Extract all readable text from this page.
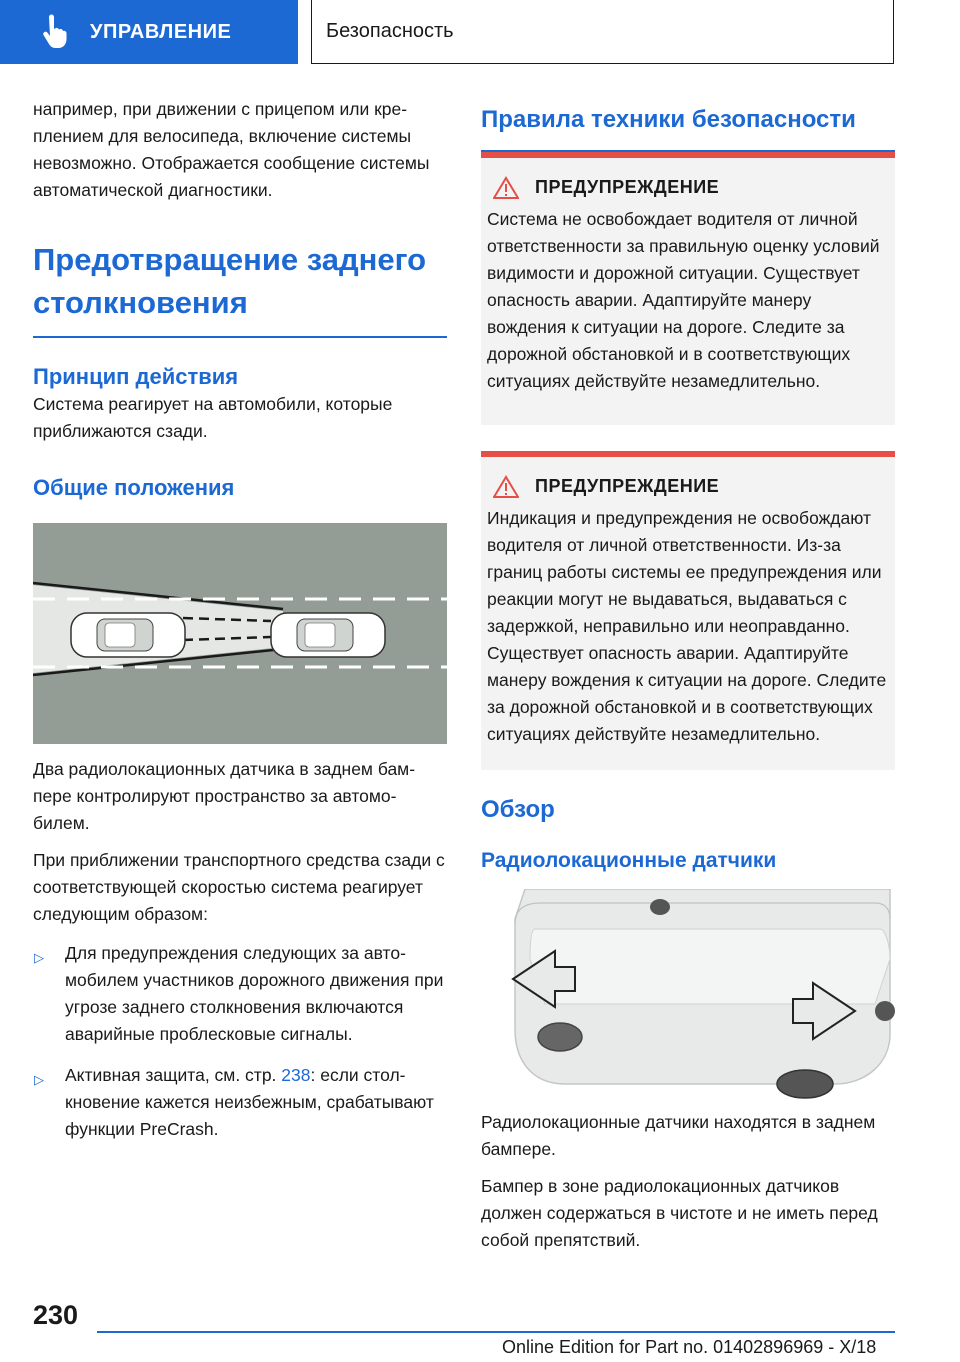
УПРАВЛЕНИЕ	Безопасность

например, при движении с прицепом или креплением для велосипеда, включение системы невозможно. Отображается сообщение системы автоматической диагностики.

Предотвращение заднего столкновения
Принцип действия

Система реагирует на автомобили, которые приближаются сзади.

Общие положения

Два радиолокационных датчика в заднем бампере контролируют пространство за автомобилем.

При приближении транспортного средства сзади с соответствующей скоростью система реагирует следующим образом:

▷ Для предупреждения следующих за автомобилем участников дорожного движения при угрозе заднего столкновения включаются аварийные проблесковые сигналы.
▷ Активная защита, см. стр. 238: если столкновение кажется неизбежным, срабатывают функции PreCrash.
Правила техники безопасности
ПРЕДУПРЕЖДЕНИЕ

Система не освобождает водителя от личной ответственности за правильную оценку условий видимости и дорожной ситуации. Существует опасность аварии. Адаптируйте манеру вождения к ситуации на дороге. Следите за дорожной обстановкой и в соответствующих ситуациях действуйте незамедлительно.

ПРЕДУПРЕЖДЕНИЕ

Индикация и предупреждения не освобождают водителя от личной ответственности. Из-за границ работы системы ее предупреждения или реакции могут не выдаваться, выдаваться с задержкой, неправильно или неоправданно. Существует опасность аварии. Адаптируйте манеру вождения к ситуации на дороге. Следите за дорожной обстановкой и в соответствующих ситуациях действуйте незамедлительно.

Обзор
Радиолокационные датчики

Радиолокационные датчики находятся в заднем бампере.

Бампер в зоне радиолокационных датчиков должен содержаться в чистоте и не иметь перед собой препятствий.

230
Online Edition for Part no. 01402896969 - X/18
